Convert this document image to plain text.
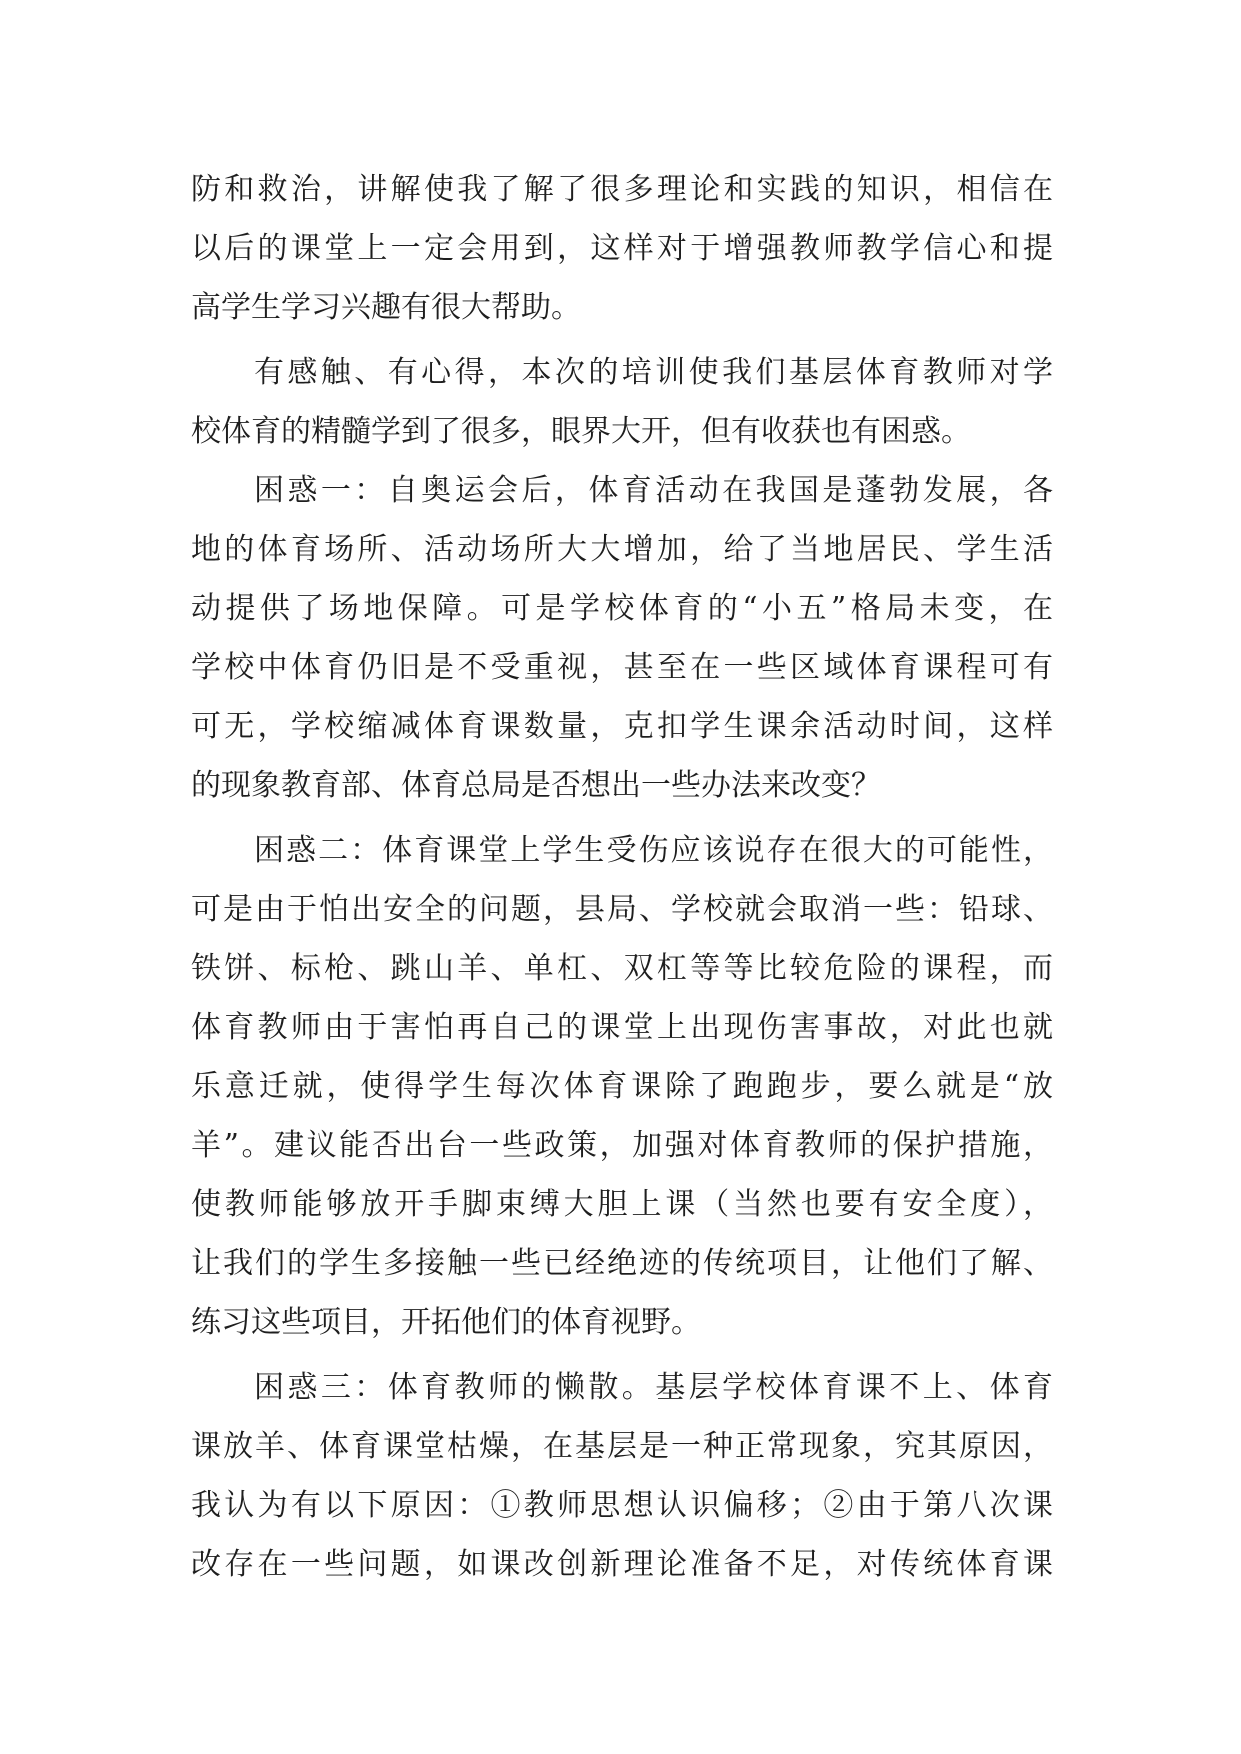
防和救治，讲解使我了解了很多理论和实践的知识，相信在
以后的课堂上一定会用到，这样对于增强教师教学信心和提
高学生学习兴趣有很大帮助。
有感触、有心得，本次的培训使我们基层体育教师对学
校体育的精髓学到了很多，眼界大开，但有收获也有困惑。
困惑一：自奥运会后，体育活动在我国是蓬勃发展，各
地的体育场所、活动场所大大增加，给了当地居民、学生活
动提供了场地保障。可是学校体育的“小五”格局未变，在
学校中体育仍旧是不受重视，甚至在一些区域体育课程可有
可无，学校缩减体育课数量，克扣学生课余活动时间，这样
的现象教育部、体育总局是否想出一些办法来改变？
困惑二：体育课堂上学生受伤应该说存在很大的可能性，
可是由于怕出安全的问题，县局、学校就会取消一些：铅球、
铁饼、标枪、跳山羊、单杠、双杠等等比较危险的课程，而
体育教师由于害怕再自己的课堂上出现伤害事故，对此也就
乐意迁就，使得学生每次体育课除了跑跑步，要么就是“放
羊”。建议能否出台一些政策，加强对体育教师的保护措施，
使教师能够放开手脚束缚大胆上课（当然也要有安全度），
让我们的学生多接触一些已经绝迹的传统项目，让他们了解、
练习这些项目，开拓他们的体育视野。
困惑三：体育教师的懒散。基层学校体育课不上、体育
课放羊、体育课堂枯燥，在基层是一种正常现象，究其原因，
我认为有以下原因：①教师思想认识偏移；②由于第八次课
改存在一些问题，如课改创新理论准备不足，对传统体育课
